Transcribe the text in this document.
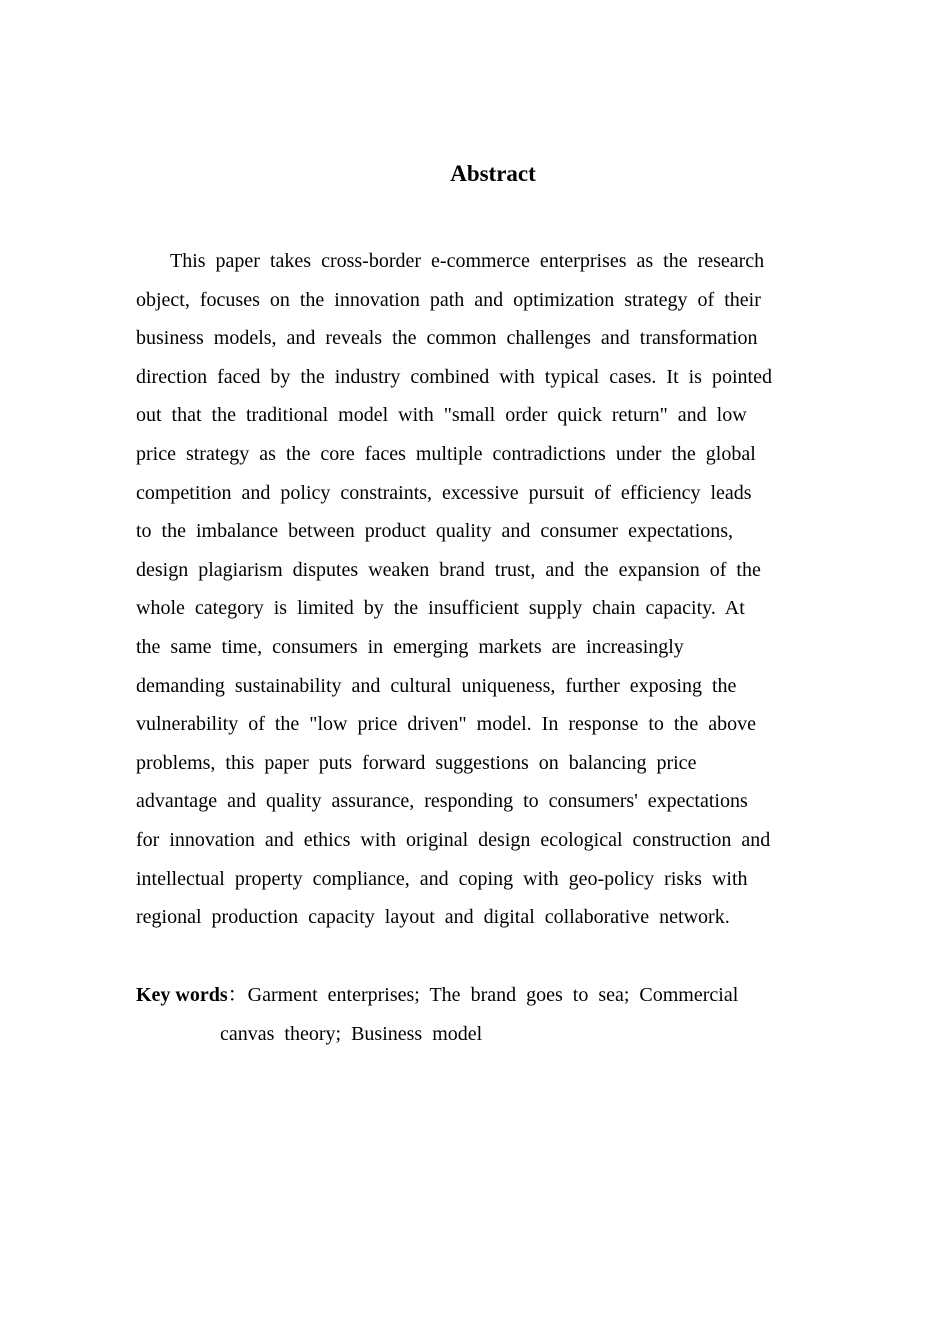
Abstract
This paper takes cross-border e-commerce enterprises as the research
object, focuses on the innovation path and optimization strategy of their
business models, and reveals the common challenges and transformation
direction faced by the industry combined with typical cases. It is pointed
out that the traditional model with "small order quick return" and low
price strategy as the core faces multiple contradictions under the global
competition and policy constraints, excessive pursuit of efficiency leads
to the imbalance between product quality and consumer expectations,
design plagiarism disputes weaken brand trust, and the expansion of the
whole category is limited by the insufficient supply chain capacity. At
the same time, consumers in emerging markets are increasingly
demanding sustainability and cultural uniqueness, further exposing the
vulnerability of the "low price driven" model. In response to the above
problems, this paper puts forward suggestions on balancing price
advantage and quality assurance, responding to consumers' expectations
for innovation and ethics with original design ecological construction and
intellectual property compliance, and coping with geo-policy risks with
regional production capacity layout and digital collaborative network.
Key words：Garment enterprises; The brand goes to sea; Commercial
canvas theory; Business model
